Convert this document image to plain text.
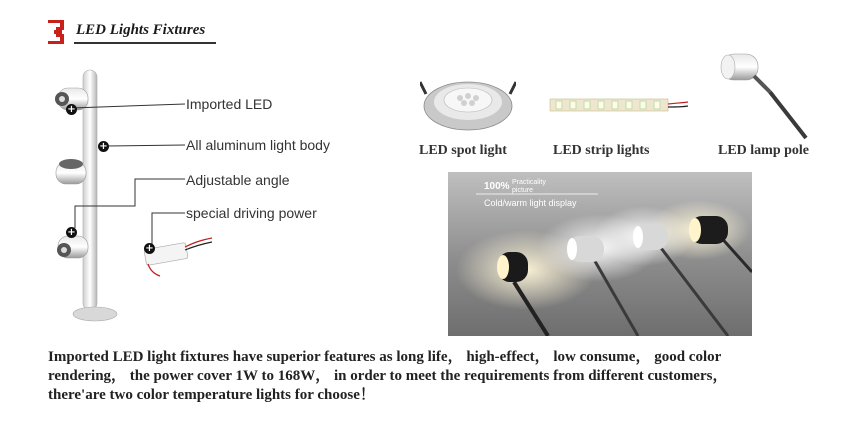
LED Lights Fixtures
+
+
+
+
Imported LED
All aluminum light body
Adjustable angle
special driving power
LED spot light	LED strip lights	LED lamp pole
100% Practicality
picture
Cold/warm light display
Imported LED light fixtures have superior features as long life， high-effect， low consume， good color
rendering， the power cover 1W to 168W， in order to meet the requirements from different customers，
there'are two color temperature lights for choose！
